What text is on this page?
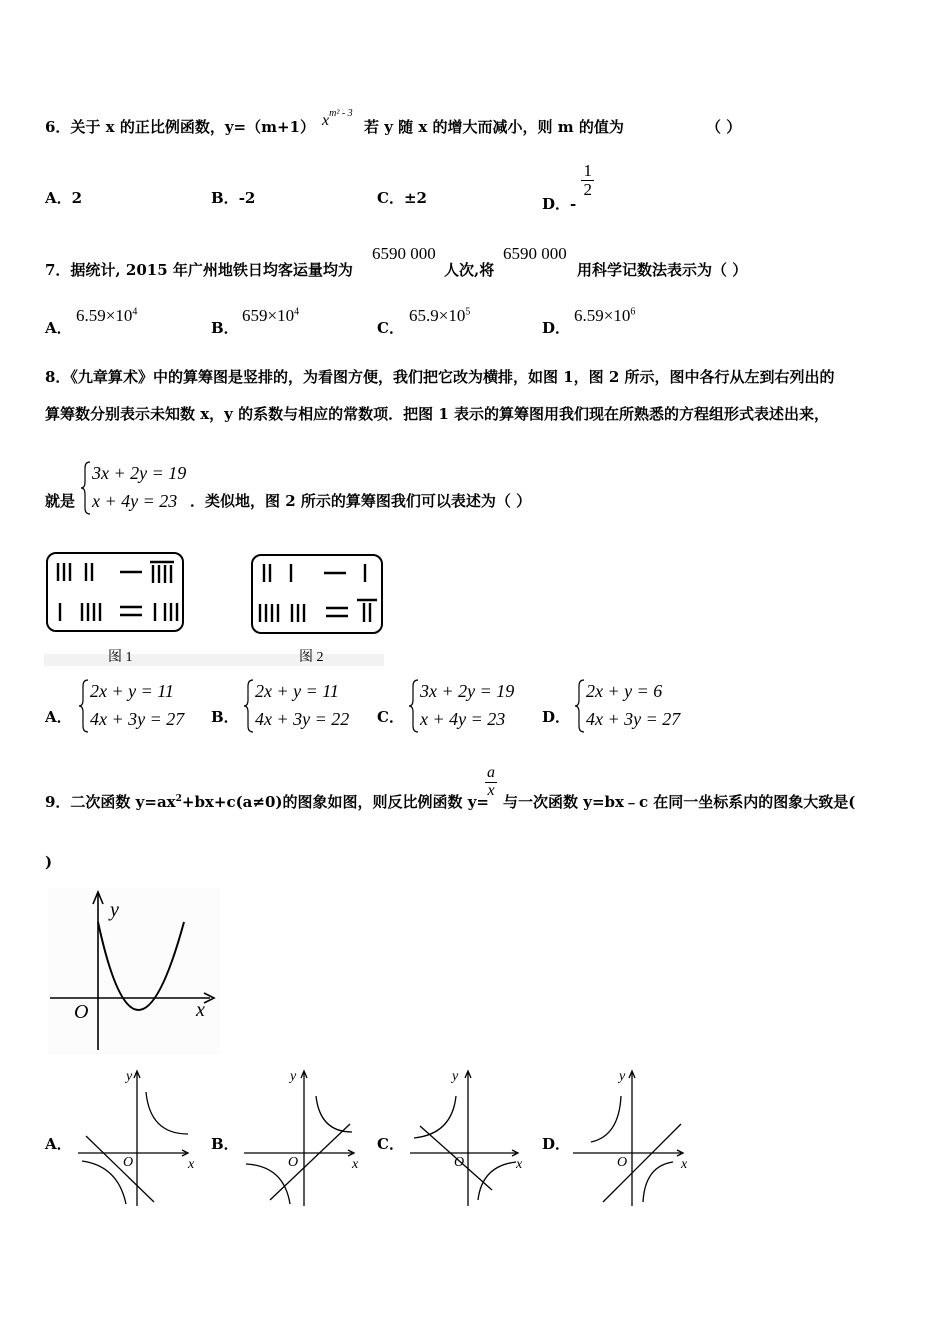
6．关于 x 的正比例函数，y=（m+1） $x^{m^2 - 3}$
若 y 随 x 的增大而减小，则 m 的值为	（ ）
A．2	B．-2	C．±2	D．-
$\frac{1}{2}$
7．据统计, 2015 年广州地铁日均客运量均为
6590 000
人次,将
6590 000
用科学记数法表示为（ ）
A．
$6.59\times 10^4$
B．
$659\times 10^4$
C．
$65.9\times 10^5$
D．
$6.59\times 10^6$
8．《九章算术》中的算筹图是竖排的，为看图方便，我们把它改为横排，如图 1，图 2 所示，图中各行从左到右列出的
算筹数分别表示未知数 x，y 的系数与相应的常数项．把图 1 表示的算筹图用我们现在所熟悉的方程组形式表述出来，
就是
3x + 2y = 19
x + 4y = 23 ．类似地，图 2 所示的算筹图我们可以表述为（ ）
图 1	图 2
A．
2x + y = 11
4x + 3y = 27 B．
2x + y = 11
4x + 3y = 22 C．
3x + 2y = 19
x + 4y = 23	D．
2x + y = 6
4x + 3y = 27
9．二次函数 $y=ax^2+bx+c(a\ne 0)$的图象如图，则反比例函数 y=
$\frac{a}{x}$
与一次函数 y=bx﹣c 在同一坐标系内的图象大致是(
)
y
x
O
A．	B．	C．	D．
y
x
O
y
x
O
y
x
O
y
x
O
